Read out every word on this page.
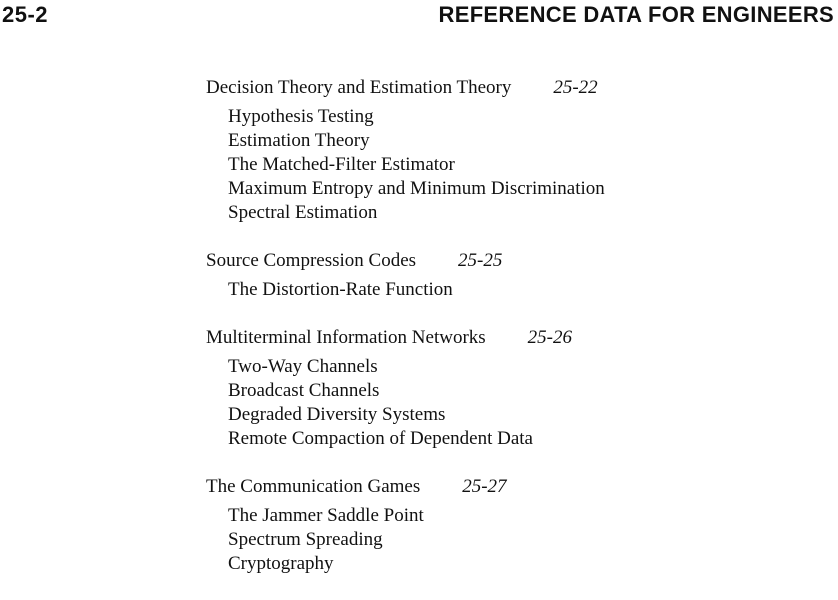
25-2	REFERENCE DATA FOR ENGINEERS
Decision Theory and Estimation Theory 25-22
Hypothesis Testing
Estimation Theory
The Matched-Filter Estimator
Maximum Entropy and Minimum Discrimination
Spectral Estimation
Source Compression Codes 25-25
The Distortion-Rate Function
Multiterminal Information Networks 25-26
Two-Way Channels
Broadcast Channels
Degraded Diversity Systems
Remote Compaction of Dependent Data
The Communication Games 25-27
The Jammer Saddle Point
Spectrum Spreading
Cryptography
